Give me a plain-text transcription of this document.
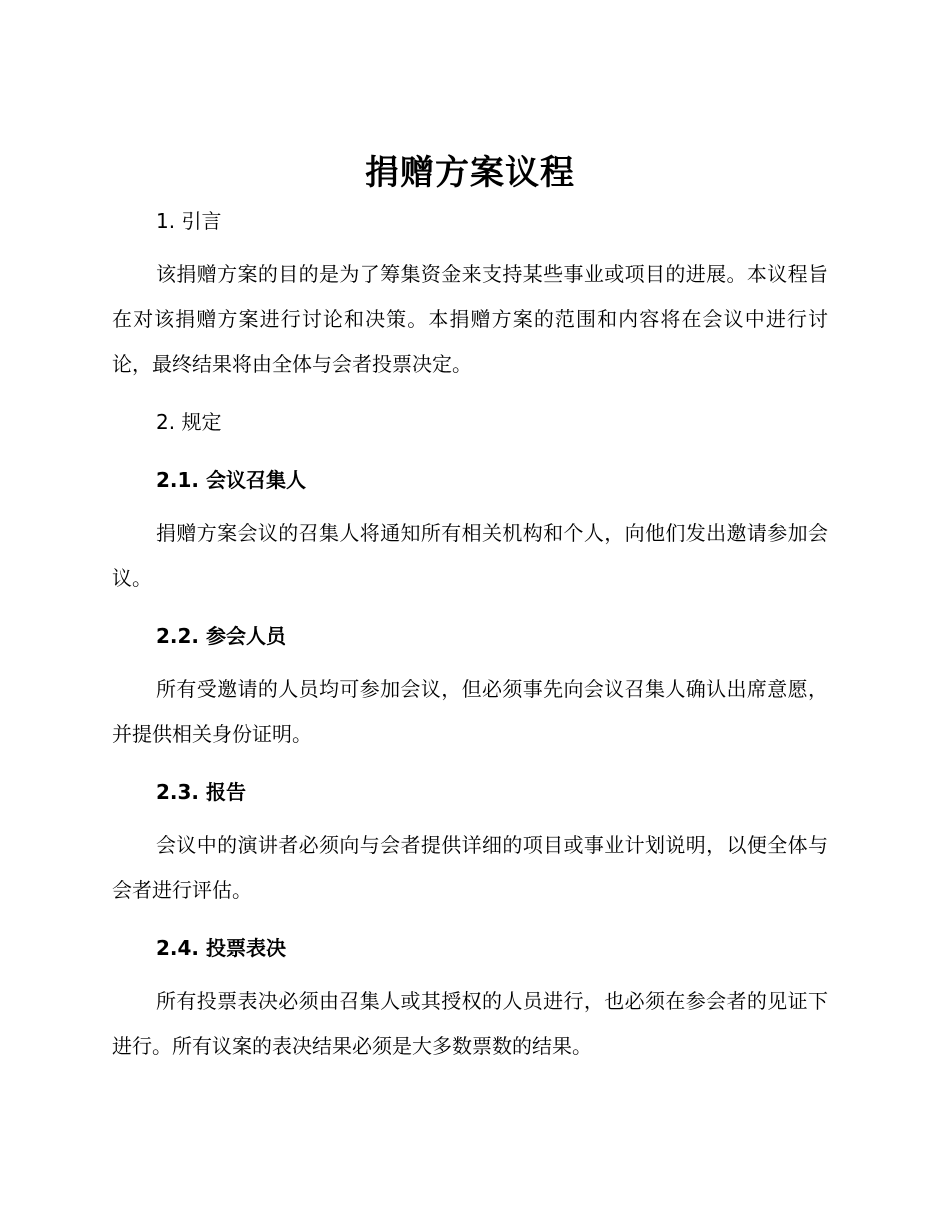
捐赠方案议程
1. 引言

该捐赠方案的目的是为了筹集资金来支持某些事业或项目的进展。本议程旨在对该捐赠方案进行讨论和决策。本捐赠方案的范围和内容将在会议中进行讨论，最终结果将由全体与会者投票决定。

2. 规定
2.1. 会议召集人

捐赠方案会议的召集人将通知所有相关机构和个人，向他们发出邀请参加会议。

2.2. 参会人员

所有受邀请的人员均可参加会议，但必须事先向会议召集人确认出席意愿，并提供相关身份证明。

2.3. 报告

会议中的演讲者必须向与会者提供详细的项目或事业计划说明，以便全体与会者进行评估。

2.4. 投票表决

所有投票表决必须由召集人或其授权的人员进行，也必须在参会者的见证下进行。所有议案的表决结果必须是大多数票数的结果。
